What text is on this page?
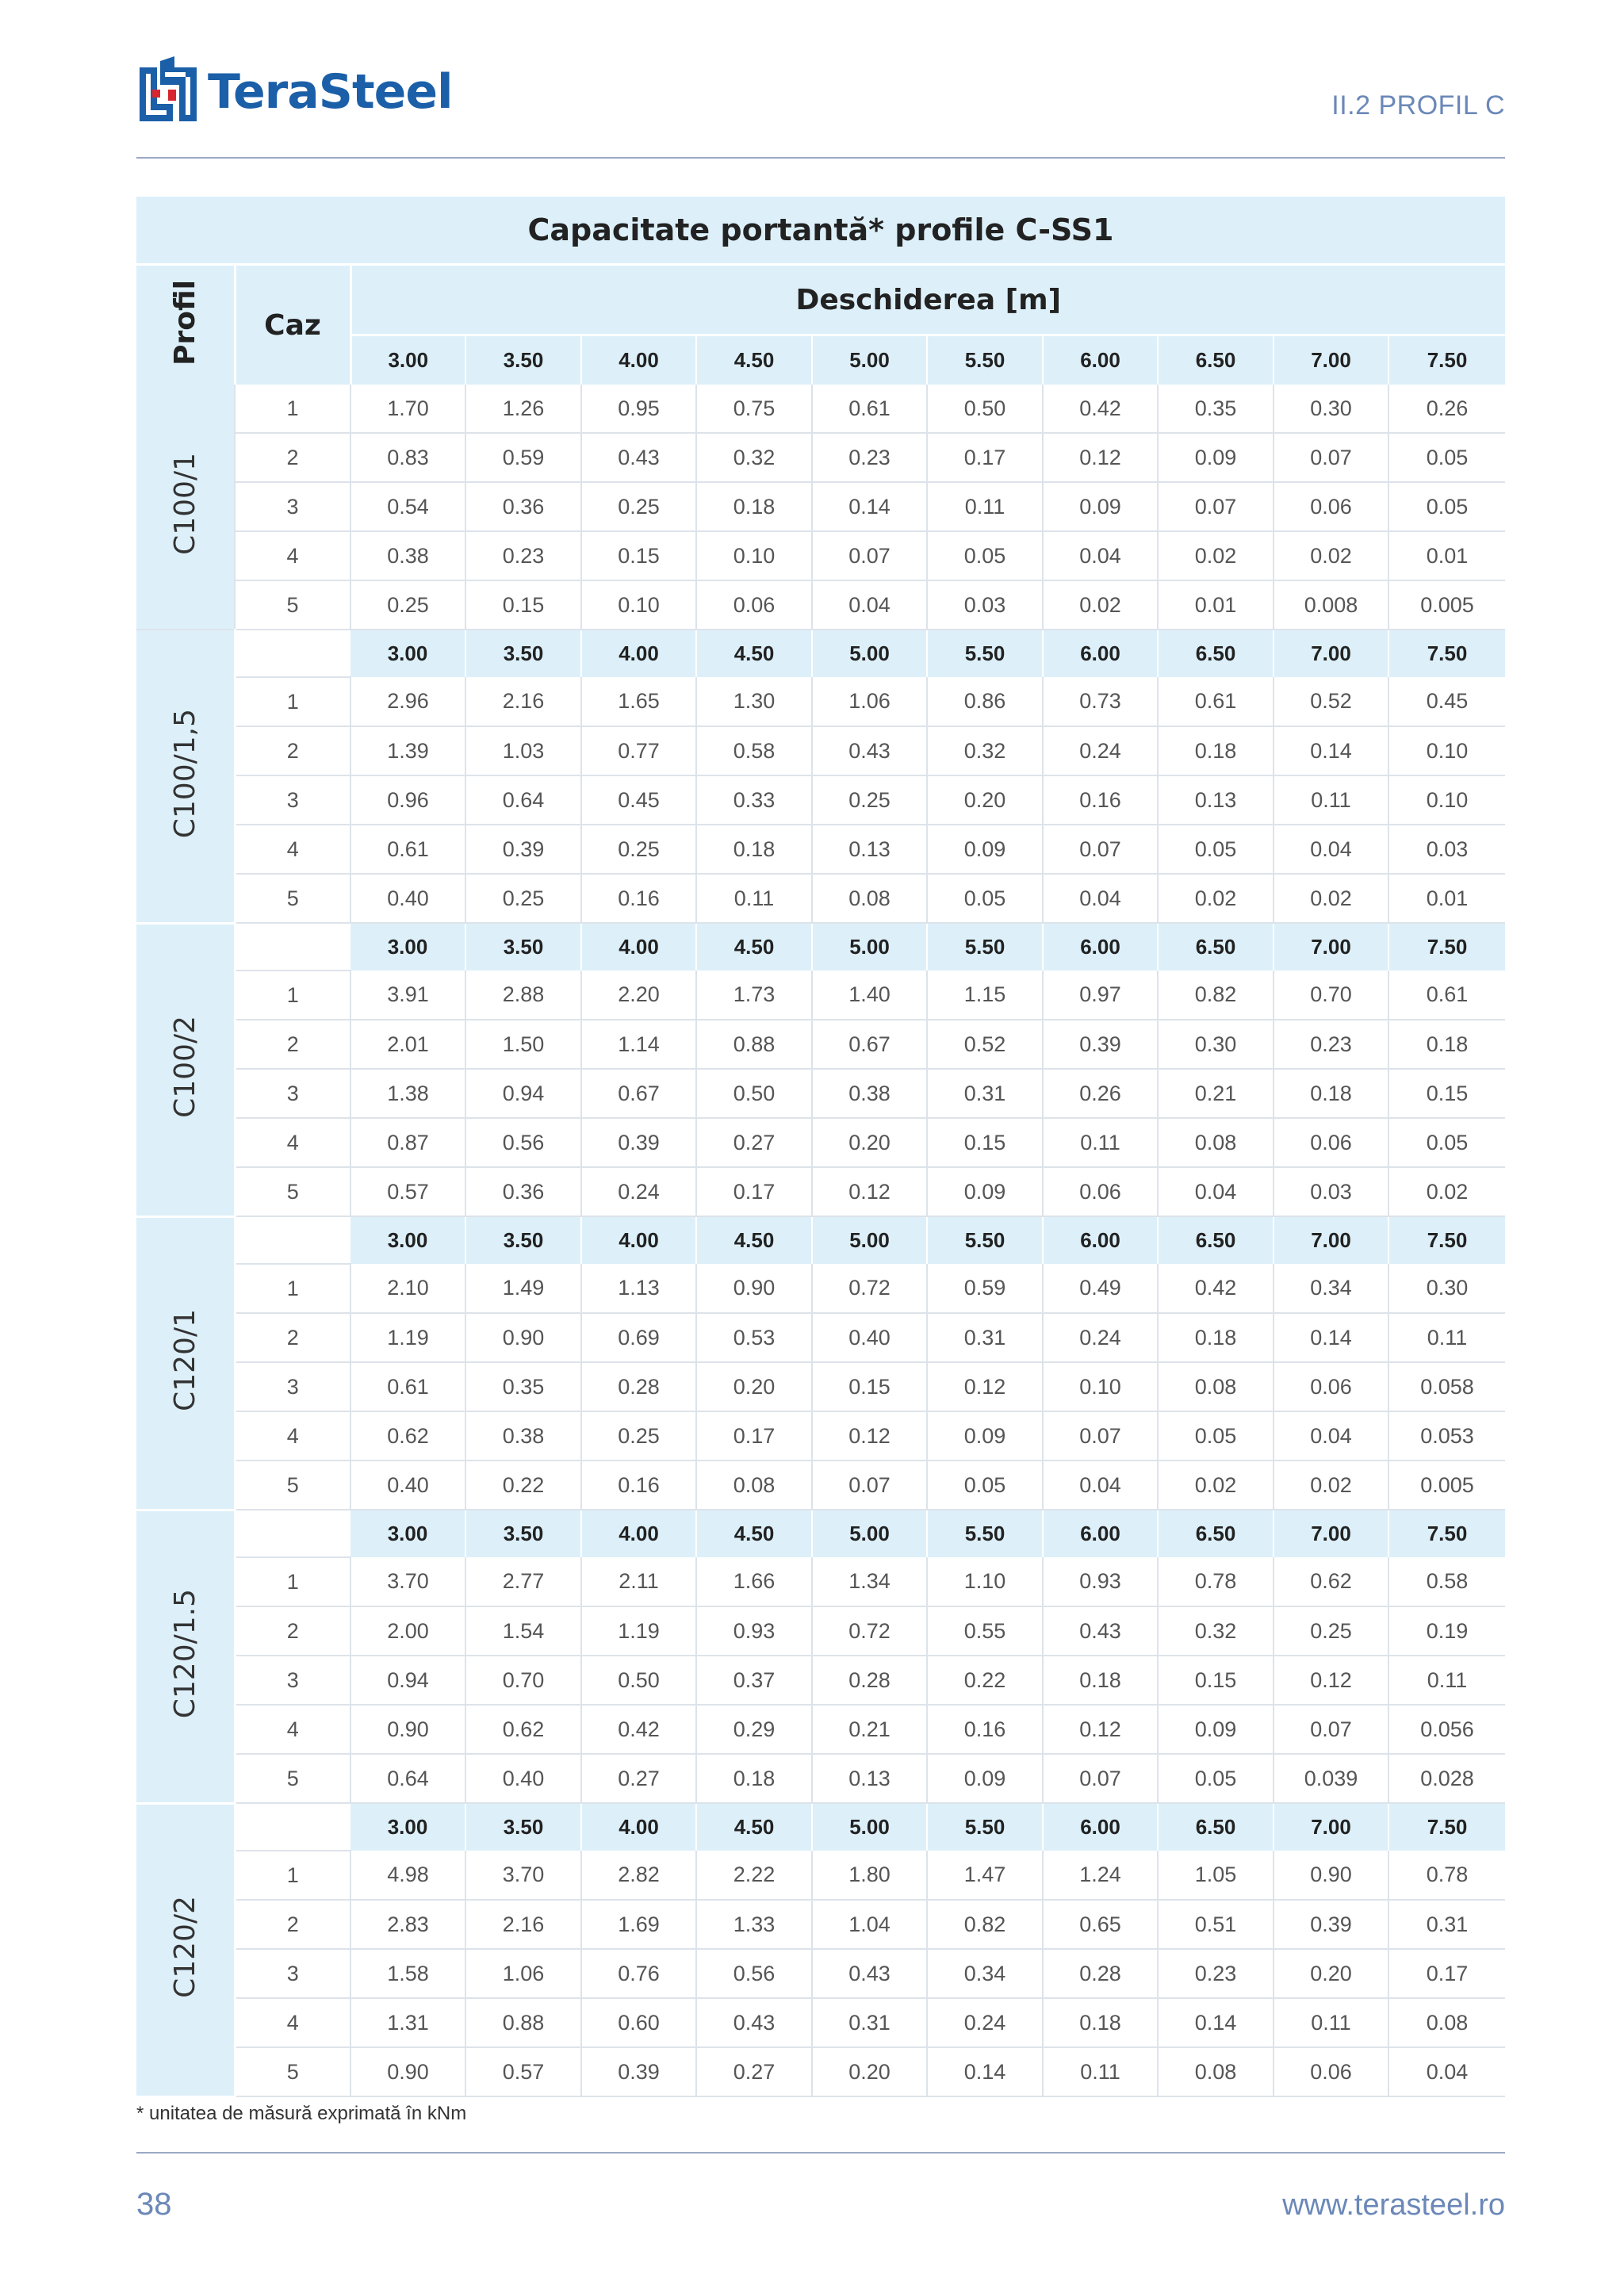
TeraSteel	II.2 PROFIL C
Capacitate portantă* profile C-SS1											
Profil	Caz	Deschiderea [m]									
		3.00	3.50	4.00	4.50	5.00	5.50	6.00	6.50	7.00	7.50
C100/1	1	1.70	1.26	0.95	0.75	0.61	0.50	0.42	0.35	0.30	0.26
	2	0.83	0.59	0.43	0.32	0.23	0.17	0.12	0.09	0.07	0.05
	3	0.54	0.36	0.25	0.18	0.14	0.11	0.09	0.07	0.06	0.05
	4	0.38	0.23	0.15	0.10	0.07	0.05	0.04	0.02	0.02	0.01
	5	0.25	0.15	0.10	0.06	0.04	0.03	0.02	0.01	0.008	0.005
C100/1,5		3.00	3.50	4.00	4.50	5.00	5.50	6.00	6.50	7.00	7.50
	1	2.96	2.16	1.65	1.30	1.06	0.86	0.73	0.61	0.52	0.45
	2	1.39	1.03	0.77	0.58	0.43	0.32	0.24	0.18	0.14	0.10
	3	0.96	0.64	0.45	0.33	0.25	0.20	0.16	0.13	0.11	0.10
	4	0.61	0.39	0.25	0.18	0.13	0.09	0.07	0.05	0.04	0.03
	5	0.40	0.25	0.16	0.11	0.08	0.05	0.04	0.02	0.02	0.01
C100/2		3.00	3.50	4.00	4.50	5.00	5.50	6.00	6.50	7.00	7.50
	1	3.91	2.88	2.20	1.73	1.40	1.15	0.97	0.82	0.70	0.61
	2	2.01	1.50	1.14	0.88	0.67	0.52	0.39	0.30	0.23	0.18
	3	1.38	0.94	0.67	0.50	0.38	0.31	0.26	0.21	0.18	0.15
	4	0.87	0.56	0.39	0.27	0.20	0.15	0.11	0.08	0.06	0.05
	5	0.57	0.36	0.24	0.17	0.12	0.09	0.06	0.04	0.03	0.02
C120/1		3.00	3.50	4.00	4.50	5.00	5.50	6.00	6.50	7.00	7.50
	1	2.10	1.49	1.13	0.90	0.72	0.59	0.49	0.42	0.34	0.30
	2	1.19	0.90	0.69	0.53	0.40	0.31	0.24	0.18	0.14	0.11
	3	0.61	0.35	0.28	0.20	0.15	0.12	0.10	0.08	0.06	0.058
	4	0.62	0.38	0.25	0.17	0.12	0.09	0.07	0.05	0.04	0.053
	5	0.40	0.22	0.16	0.08	0.07	0.05	0.04	0.02	0.02	0.005
C120/1.5		3.00	3.50	4.00	4.50	5.00	5.50	6.00	6.50	7.00	7.50
	1	3.70	2.77	2.11	1.66	1.34	1.10	0.93	0.78	0.62	0.58
	2	2.00	1.54	1.19	0.93	0.72	0.55	0.43	0.32	0.25	0.19
	3	0.94	0.70	0.50	0.37	0.28	0.22	0.18	0.15	0.12	0.11
	4	0.90	0.62	0.42	0.29	0.21	0.16	0.12	0.09	0.07	0.056
	5	0.64	0.40	0.27	0.18	0.13	0.09	0.07	0.05	0.039	0.028
C120/2		3.00	3.50	4.00	4.50	5.00	5.50	6.00	6.50	7.00	7.50
	1	4.98	3.70	2.82	2.22	1.80	1.47	1.24	1.05	0.90	0.78
	2	2.83	2.16	1.69	1.33	1.04	0.82	0.65	0.51	0.39	0.31
	3	1.58	1.06	0.76	0.56	0.43	0.34	0.28	0.23	0.20	0.17
	4	1.31	0.88	0.60	0.43	0.31	0.24	0.18	0.14	0.11	0.08
	5	0.90	0.57	0.39	0.27	0.20	0.14	0.11	0.08	0.06	0.04
* unitatea de măsură exprimată în kNm
38	www.terasteel.ro
